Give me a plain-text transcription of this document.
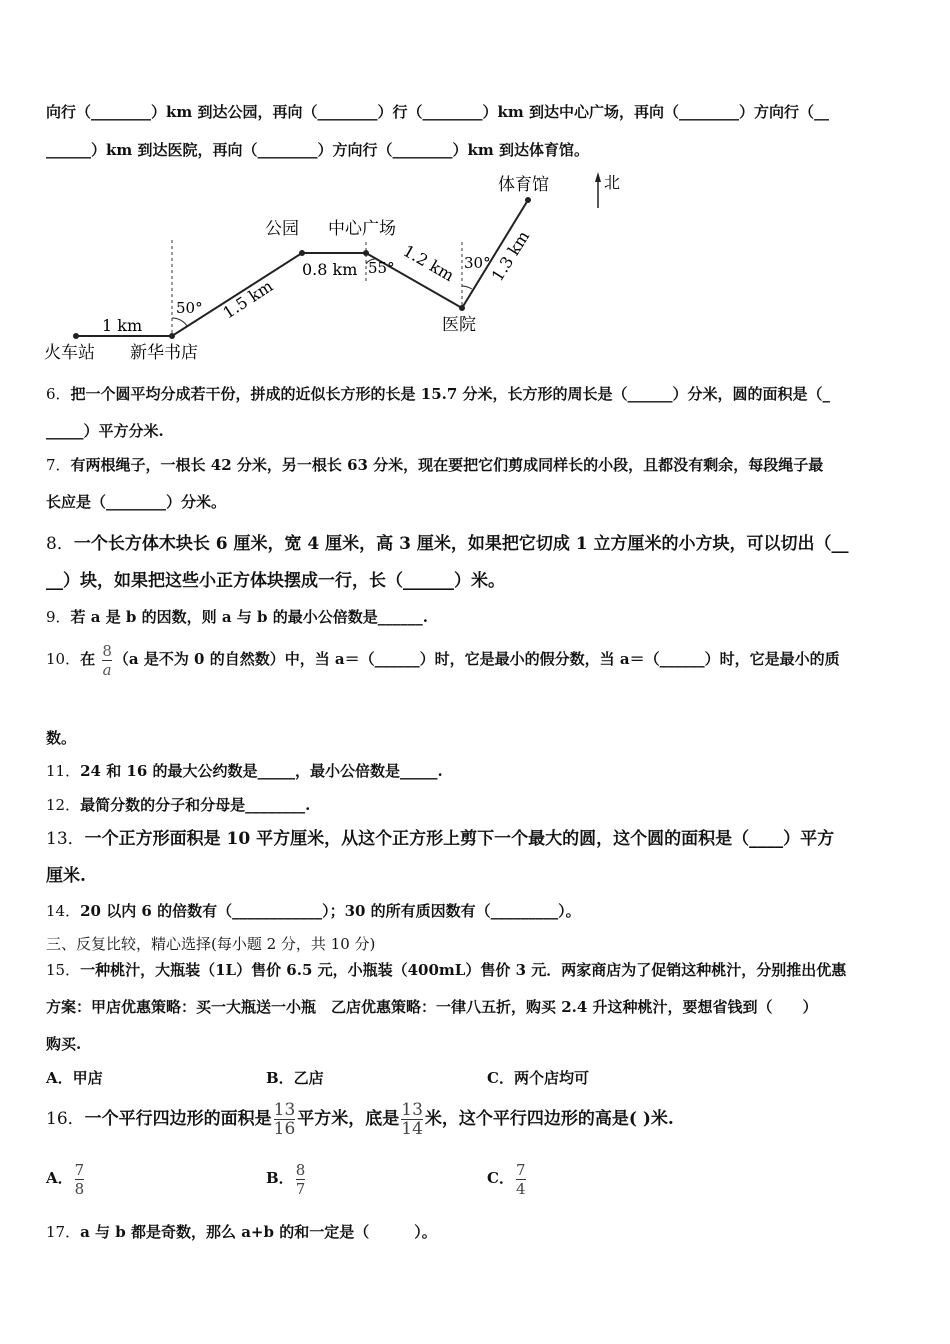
向行（________）km 到达公园，再向（________）行（________）km 到达中心广场，再向（________）方向行（__
______）km 到达医院，再向（________）方向行（________）km 到达体育馆。
北
体育馆
公园 中心广场
医院
火车站 新华书店
1 km
1.5 km
0.8 km	1.2 km 1.3 km
50°
55°	30°
6．把一个圆平均分成若干份，拼成的近似长方形的长是 15.7 分米，长方形的周长是（______）分米，圆的面积是（_
_____）平方分米.
7．有两根绳子，一根长 42 分米，另一根长 63 分米，现在要把它们剪成同样长的小段，且都没有剩余，每段绳子最
长应是（________）分米。
8．一个长方体木块长 6 厘米，宽 4 厘米，高 3 厘米，如果把它切成 1 立方厘米的小方块，可以切出（__
__）块，如果把这些小正方体块摆成一行，长（______）米。
9．若 a 是 b 的因数，则 a 与 b 的最小公倍数是______.
10．在 $\frac{8}{a} (a$ 是不为 0 的自然数）中，当 a＝（______）时，它是最小的假分数，当 a＝（______）时，它是最小的质
数。
11．24 和 16 的最大公约数是_____，最小公倍数是_____.
12．最简分数的分子和分母是________.
13．一个正方形面积是 10 平方厘米，从这个正方形上剪下一个最大的圆，这个圆的面积是（____）平方
厘米.
14．20 以内 6 的倍数有（____________）；30 的所有质因数有（_________）。
三、反复比较，精心选择(每小题 2 分，共 10 分)
15．一种桃汁，大瓶装（1L）售价 6.5 元，小瓶装（400mL）售价 3 元．两家商店为了促销这种桃汁，分别推出优惠
方案：甲店优惠策略：买一大瓶送一小瓶　乙店优惠策略：一律八五折，购买 2.4 升这种桃汁，要想省钱到（　　）
购买.
A．甲店	B．乙店	C．两个店均可
16．一个平行四边形的面积是 $\frac{13}{16}$ 平方米，底是 $\frac{13}{14}$ 米，这个平行四边形的高是( )米.
A． $\frac{7}{8}$	B． $\frac{8}{7}$	C． $\frac{7}{4}$
17．a 与 b 都是奇数，那么 a+b 的和一定是（　　　）。
